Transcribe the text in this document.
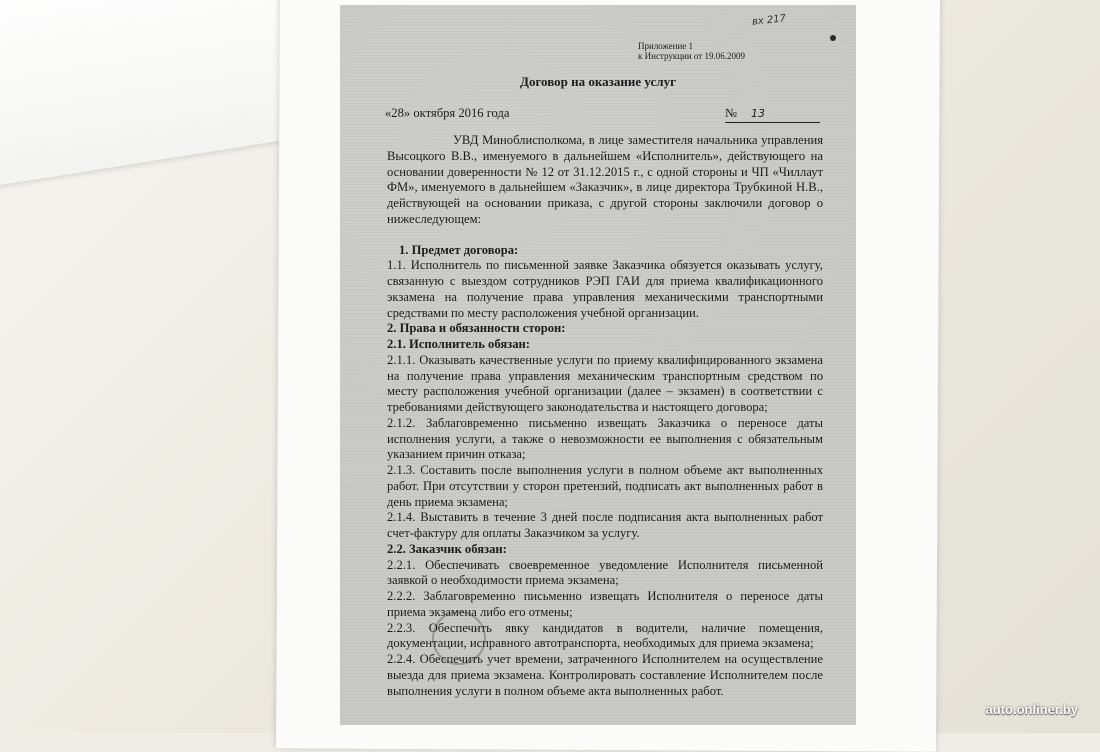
вх 217
Приложение 1
к Инструкции от 19.06.2009
Договор на оказание услуг
«28» октября 2016 года	№ 13

УВД Миноблисполкома, в лице заместителя начальника управления Высоцкого В.В., именуемого в дальнейшем «Исполнитель», действующего на основании доверенности № 12 от 31.12.2015 г., с одной стороны и ЧП «Чиллаут ФМ», именуемого в дальнейшем «Заказчик», в лице директора Трубкиной Н.В., действующей на основании приказа, с другой стороны заключили договор о нижеследующем:

1. Предмет договора:

1.1. Исполнитель по письменной заявке Заказчика обязуется оказывать услугу, связанную с выездом сотрудников РЭП ГАИ для приема квалификационного экзамена на получение права управления механическими транспортными средствами по месту расположения учебной организации.

2. Права и обязанности сторон:

2.1. Исполнитель обязан:

2.1.1. Оказывать качественные услуги по приему квалифицированного экзамена на получение права управления механическим транспортным средством по месту расположения учебной организации (далее – экзамен) в соответствии с требованиями действующего законодательства и настоящего договора;

2.1.2. Заблаговременно письменно извещать Заказчика о переносе даты исполнения услуги, а также о невозможности ее выполнения с обязательным указанием причин отказа;

2.1.3. Составить после выполнения услуги в полном объеме акт выполненных работ. При отсутствии у сторон претензий, подписать акт выполненных работ в день приема экзамена;

2.1.4. Выставить в течение 3 дней после подписания акта выполненных работ счет-фактуру для оплаты Заказчиком за услугу.

2.2. Заказчик обязан:

2.2.1. Обеспечивать своевременное уведомление Исполнителя письменной заявкой о необходимости приема экзамена;

2.2.2. Заблаговременно письменно извещать Исполнителя о переносе даты приема экзамена либо его отмены;

2.2.3. Обеспечить явку кандидатов в водители, наличие помещения, документации, исправного автотранспорта, необходимых для приема экзамена;

2.2.4. Обеспечить учет времени, затраченного Исполнителем на осуществление выезда для приема экзамена. Контролировать составление Исполнителем после выполнения услуги в полном объеме акта выполненных работ.

auto.onliner.by
